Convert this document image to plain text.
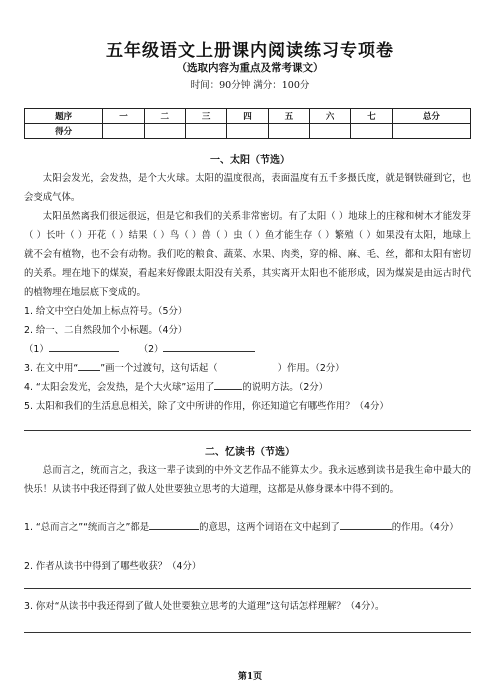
五年级语文上册课内阅读练习专项卷
（选取内容为重点及常考课文）
时间：90分钟 满分：100分
题序	一	二	三	四	五	六	七	总分
得分								
一、太阳（节选）
太阳会发光，会发热，是个大火球。太阳的温度很高，表面温度有五千多摄氏度，就是钢铁碰到它，也会变成气体。
太阳虽然离我们很远很远，但是它和我们的关系非常密切。有了太阳（ ）地球上的庄稼和树木才能发芽（ ）长叶（ ）开花（ ）结果（ ）鸟（ ）兽（ ）虫（ ）鱼才能生存（ ）繁殖（ ）如果没有太阳，地球上就不会有植物，也不会有动物。我们吃的粮食、蔬菜、水果、肉类，穿的棉、麻、毛、丝，都和太阳有密切的关系。埋在地下的煤炭，看起来好像跟太阳没有关系，其实离开太阳也不能形成，因为煤炭是由远古时代的植物埋在地层底下变成的。
1. 给文中空白处加上标点符号。（5分）
2. 给一、二自然段加个小标题。（4分）
（1）	（2）
3. 在文中用“ ”画一个过渡句，这句话起（	）作用。（2分）
4. “太阳会发光，会发热，是个大火球”运用了	的说明方法。（2分）
5. 太阳和我们的生活息息相关，除了文中所讲的作用，你还知道它有哪些作用？（4分）
二、忆读书（节选）
总而言之，统而言之，我这一辈子读到的中外文艺作品不能算太少。我永远感到读书是我生命中最大的快乐！从读书中我还得到了做人处世要独立思考的大道理，这都是从修身课本中得不到的。
1. “总而言之”“统而言之”都是	的意思，这两个词语在文中起到了	的作用。（4分）
2. 作者从读书中得到了哪些收获？（4分）
3. 你对“从读书中我还得到了做人处世要独立思考的大道理”这句话怎样理解？（4分）。
第1页
